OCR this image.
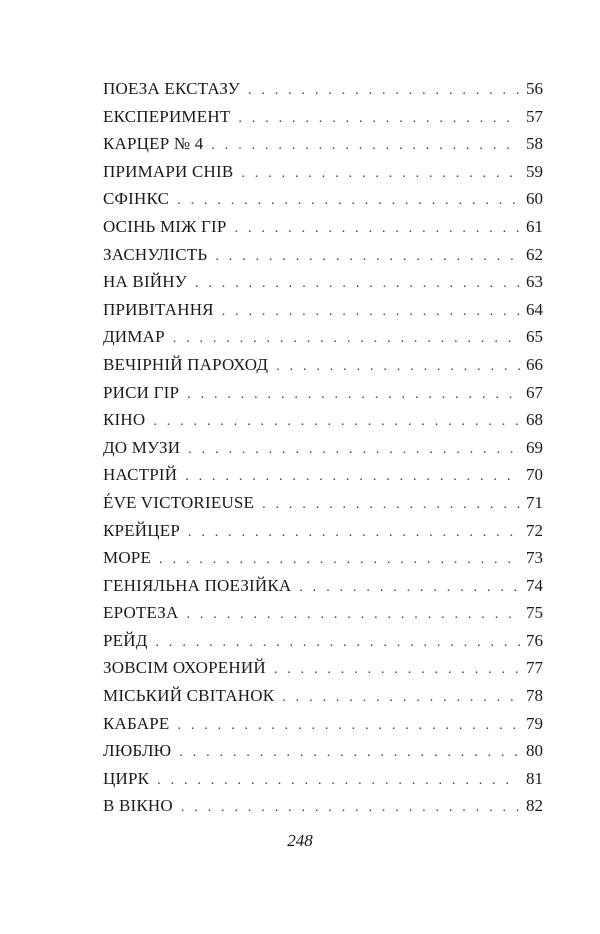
ПОЕЗА ЕКСТАЗУ . . .	56
ЕКСПЕРИМЕНТ . . .	57
КАРЦЕР № 4 . . .	58
ПРИМАРИ СНІВ . . .	59
СФІНКС . . .	60
ОСІНЬ МІЖ ГІР . . .	61
ЗАСНУЛІСТЬ . . .	62
НА ВІЙНУ . . .	63
ПРИВІТАННЯ . . .	64
ДИМАР . . .	65
ВЕЧІРНІЙ ПАРОХОД . . .	66
РИСИ ГІР . . .	67
КІНО . . .	68
ДО МУЗИ . . .	69
НАСТРІЙ . . .	70
ÉVE VICTORIEUSE . . .	71
КРЕЙЦЕР . . .	72
МОРЕ . . .	73
ГЕНІЯЛЬНА ПОЕЗІЙКА . . .	74
ЕРОТЕЗА . . .	75
РЕЙД . . .	76
ЗОВСІМ ОХОРЕНИЙ . . .	77
МІСЬКИЙ СВІТАНОК . . .	78
КАБАРЕ . . .	79
ЛЮБЛЮ . . .	80
ЦИРК . . .	81
В ВІКНО . . .	82
248
